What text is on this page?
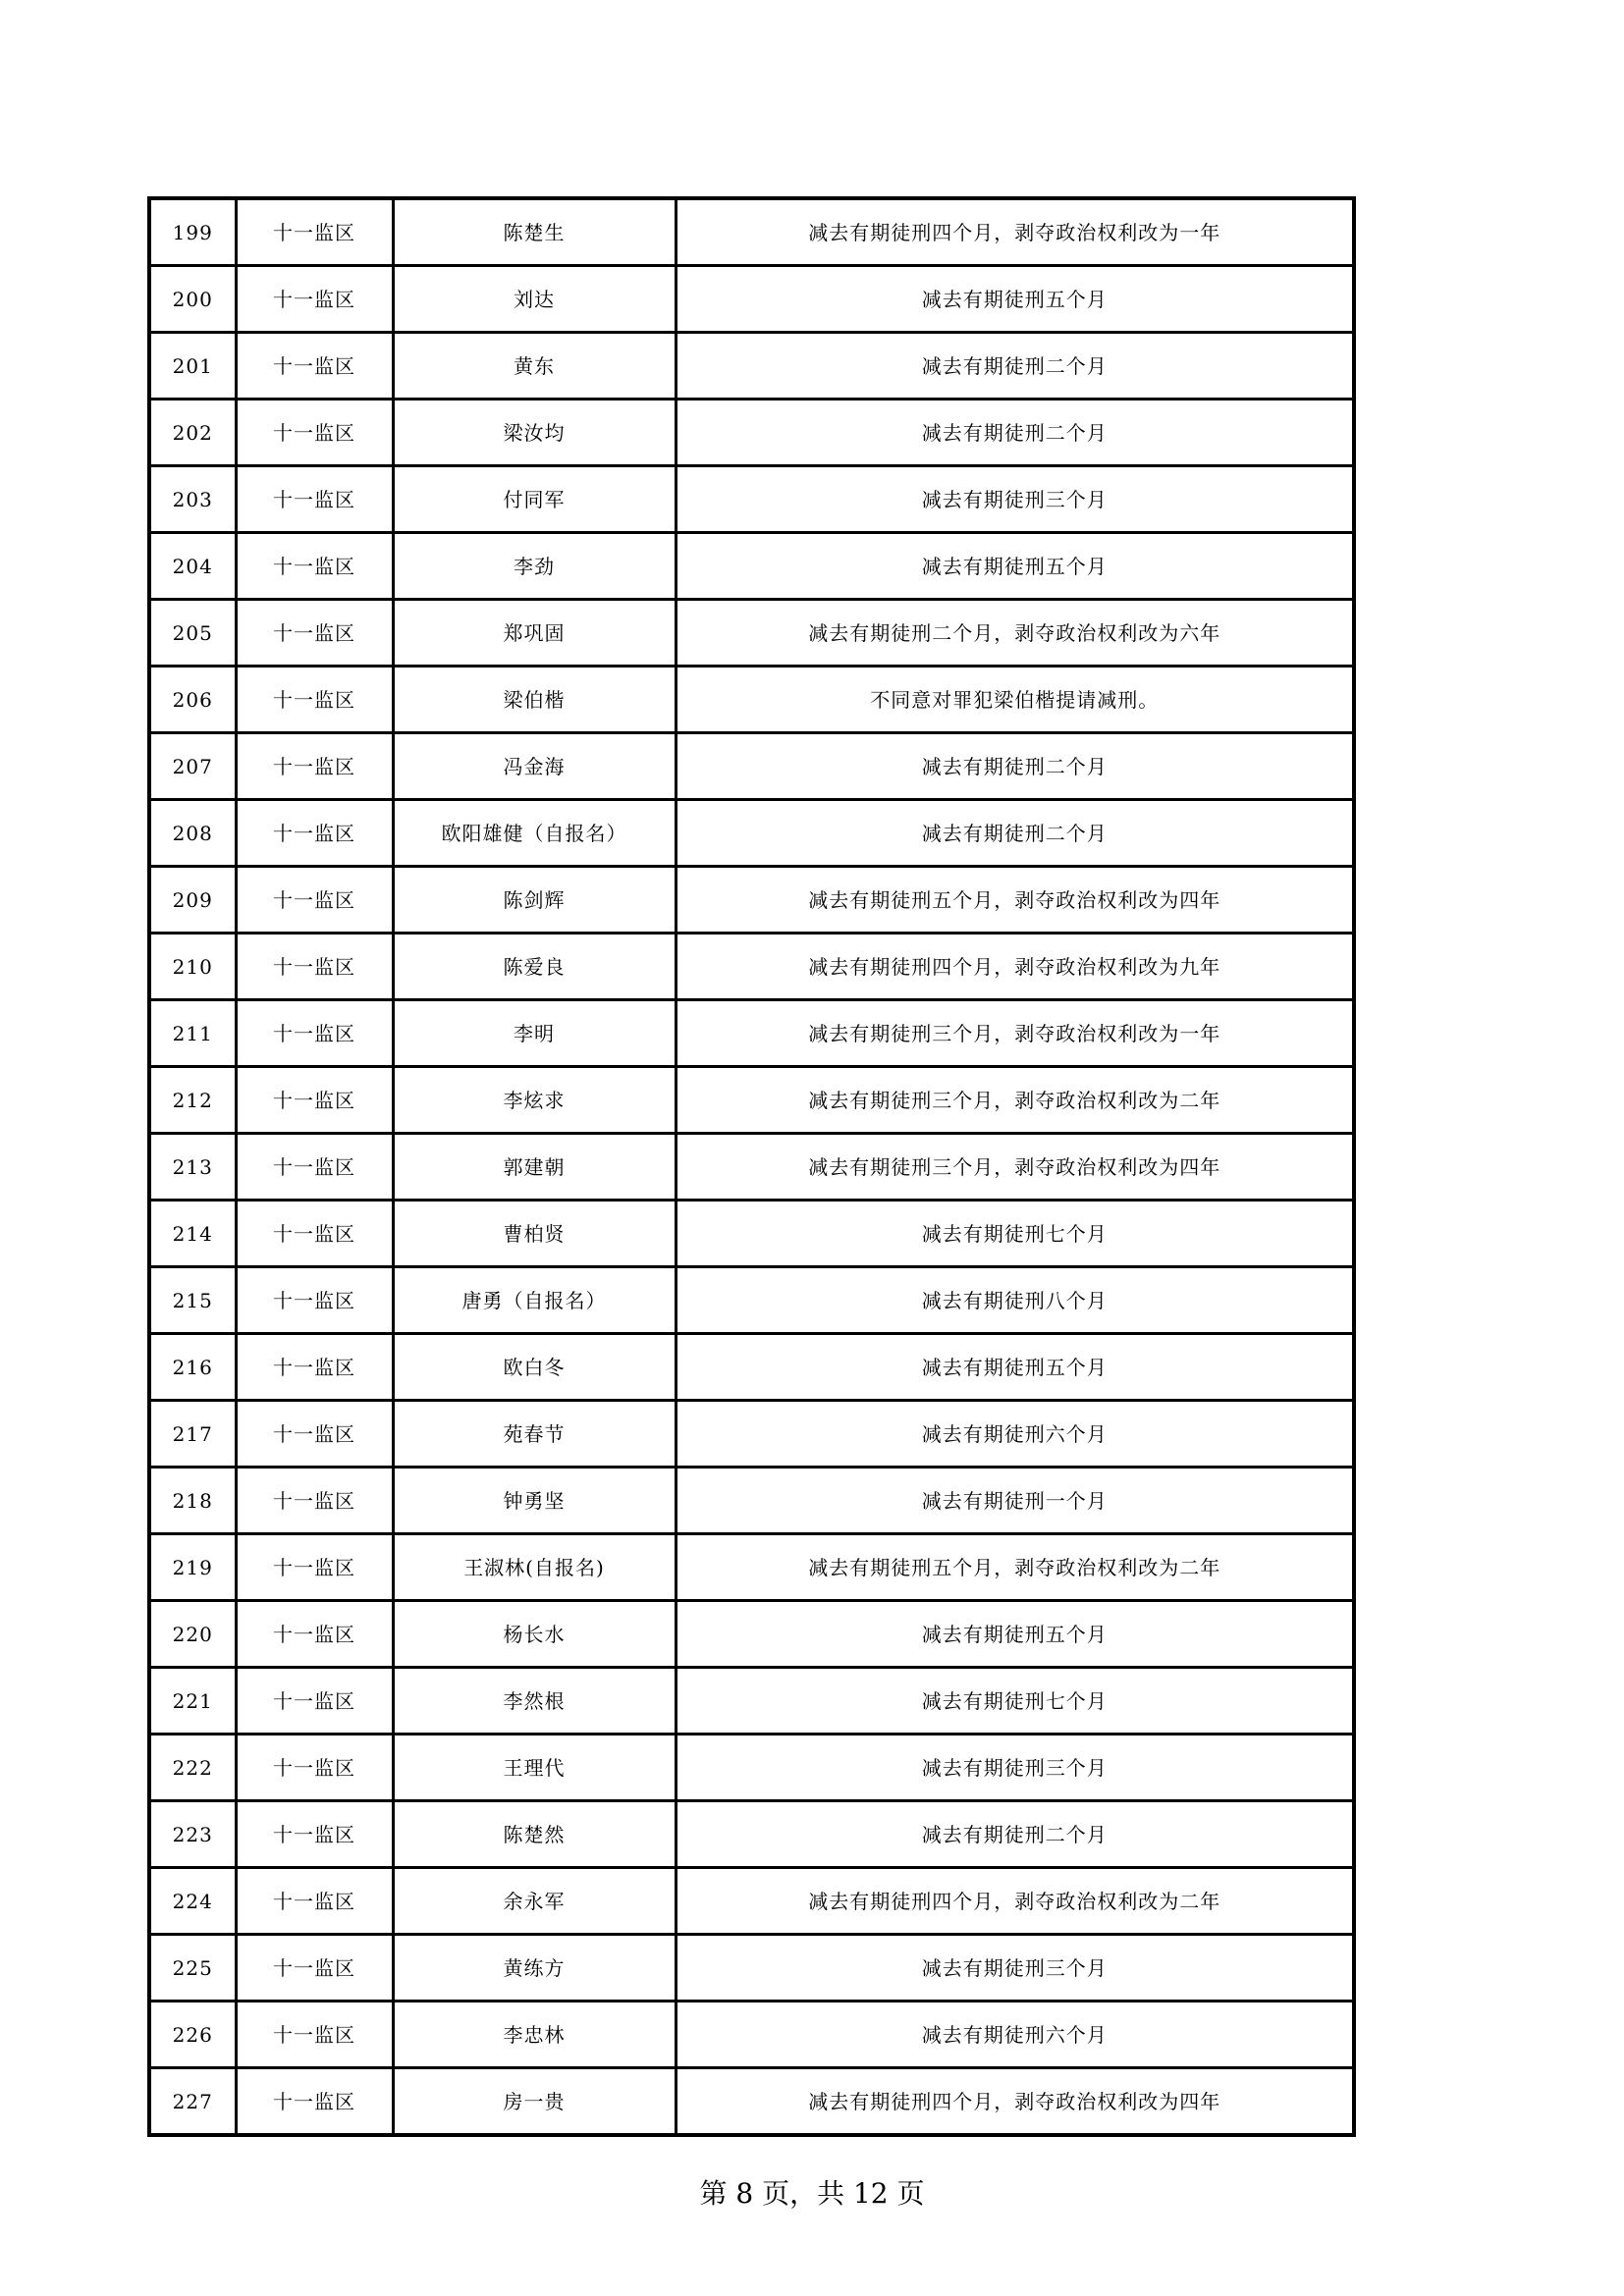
199	十一监区	陈楚生	减去有期徒刑四个月，剥夺政治权利改为一年
200	十一监区	刘达	减去有期徒刑五个月
201	十一监区	黄东	减去有期徒刑二个月
202	十一监区	梁汝均	减去有期徒刑二个月
203	十一监区	付同军	减去有期徒刑三个月
204	十一监区	李劲	减去有期徒刑五个月
205	十一监区	郑巩固	减去有期徒刑二个月，剥夺政治权利改为六年
206	十一监区	梁伯楷	不同意对罪犯梁伯楷提请减刑。
207	十一监区	冯金海	减去有期徒刑二个月
208	十一监区	欧阳雄健（自报名）	减去有期徒刑二个月
209	十一监区	陈剑辉	减去有期徒刑五个月，剥夺政治权利改为四年
210	十一监区	陈爱良	减去有期徒刑四个月，剥夺政治权利改为九年
211	十一监区	李明	减去有期徒刑三个月，剥夺政治权利改为一年
212	十一监区	李炫求	减去有期徒刑三个月，剥夺政治权利改为二年
213	十一监区	郭建朝	减去有期徒刑三个月，剥夺政治权利改为四年
214	十一监区	曹柏贤	减去有期徒刑七个月
215	十一监区	唐勇（自报名）	减去有期徒刑八个月
216	十一监区	欧白冬	减去有期徒刑五个月
217	十一监区	苑春节	减去有期徒刑六个月
218	十一监区	钟勇坚	减去有期徒刑一个月
219	十一监区	王淑林(自报名)	减去有期徒刑五个月，剥夺政治权利改为二年
220	十一监区	杨长水	减去有期徒刑五个月
221	十一监区	李然根	减去有期徒刑七个月
222	十一监区	王理代	减去有期徒刑三个月
223	十一监区	陈楚然	减去有期徒刑二个月
224	十一监区	余永军	减去有期徒刑四个月，剥夺政治权利改为二年
225	十一监区	黄练方	减去有期徒刑三个月
226	十一监区	李忠林	减去有期徒刑六个月
227	十一监区	房一贵	减去有期徒刑四个月，剥夺政治权利改为四年
第 8 页，共 12 页
